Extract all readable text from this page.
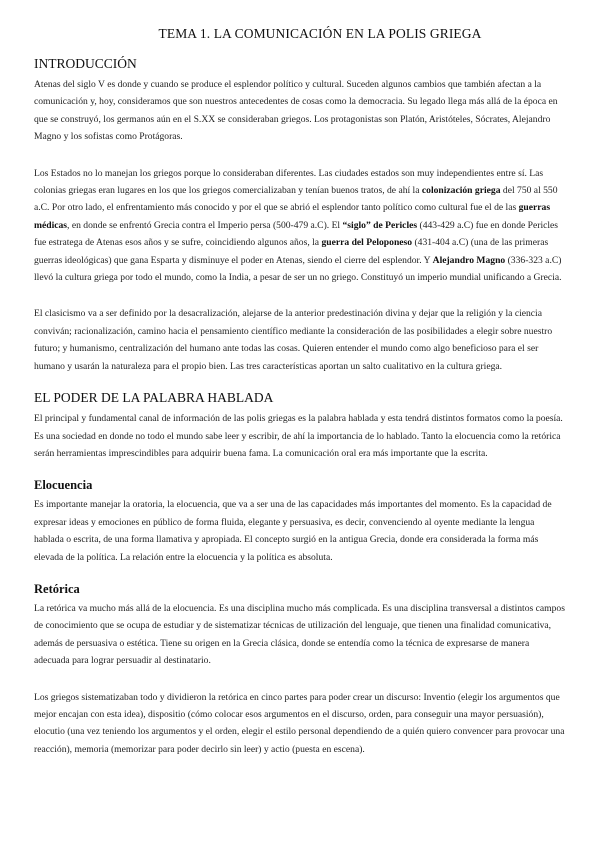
TEMA 1. LA COMUNICACIÓN EN LA POLIS GRIEGA
INTRODUCCIÓN

Atenas del siglo V es donde y cuando se produce el esplendor político y cultural. Suceden algunos cambios que también afectan a la comunicación y, hoy, consideramos que son nuestros antecedentes de cosas como la democracia. Su legado llega más allá de la época en que se construyó, los germanos aún en el S.XX se consideraban griegos. Los protagonistas son Platón, Aristóteles, Sócrates, Alejandro Magno y los sofistas como Protágoras.

Los Estados no lo manejan los griegos porque lo consideraban diferentes. Las ciudades estados son muy independientes entre sí. Las colonias griegas eran lugares en los que los griegos comercializaban y tenían buenos tratos, de ahí la colonización griega del 750 al 550 a.C. Por otro lado, el enfrentamiento más conocido y por el que se abrió el esplendor tanto político como cultural fue el de las guerras médicas, en donde se enfrentó Grecia contra el Imperio persa (500-479 a.C). El “siglo” de Pericles (443-429 a.C) fue en donde Pericles fue estratega de Atenas esos años y se sufre, coincidiendo algunos años, la guerra del Peloponeso (431-404 a.C) (una de las primeras guerras ideológicas) que gana Esparta y disminuye el poder en Atenas, siendo el cierre del esplendor. Y Alejandro Magno (336-323 a.C) llevó la cultura griega por todo el mundo, como la India, a pesar de ser un no griego. Constituyó un imperio mundial unificando a Grecia.

El clasicismo va a ser definido por la desacralización, alejarse de la anterior predestinación divina y dejar que la religión y la ciencia conviván; racionalización, camino hacia el pensamiento científico mediante la consideración de las posibilidades a elegir sobre nuestro futuro; y humanismo, centralización del humano ante todas las cosas. Quieren entender el mundo como algo beneficioso para el ser humano y usarán la naturaleza para el propio bien. Las tres características aportan un salto cualitativo en la cultura griega.

EL PODER DE LA PALABRA HABLADA

El principal y fundamental canal de información de las polis griegas es la palabra hablada y esta tendrá distintos formatos como la poesía. Es una sociedad en donde no todo el mundo sabe leer y escribir, de ahí la importancia de lo hablado. Tanto la elocuencia como la retórica serán herramientas imprescindibles para adquirir buena fama. La comunicación oral era más importante que la escrita.

Elocuencia

Es importante manejar la oratoria, la elocuencia, que va a ser una de las capacidades más importantes del momento. Es la capacidad de expresar ideas y emociones en público de forma fluida, elegante y persuasiva, es decir, convenciendo al oyente mediante la lengua hablada o escrita, de una forma llamativa y apropiada. El concepto surgió en la antigua Grecia, donde era considerada la forma más elevada de la política. La relación entre la elocuencia y la política es absoluta.

Retórica

La retórica va mucho más allá de la elocuencia. Es una disciplina mucho más complicada. Es una disciplina transversal a distintos campos de conocimiento que se ocupa de estudiar y de sistematizar técnicas de utilización del lenguaje, que tienen una finalidad comunicativa, además de persuasiva o estética. Tiene su origen en la Grecia clásica, donde se entendía como la técnica de expresarse de manera adecuada para lograr persuadir al destinatario.

Los griegos sistematizaban todo y dividieron la retórica en cinco partes para poder crear un discurso: Inventio (elegir los argumentos que mejor encajan con esta idea), dispositio (cómo colocar esos argumentos en el discurso, orden, para conseguir una mayor persuasión), elocutio (una vez teniendo los argumentos y el orden, elegir el estilo personal dependiendo de a quién quiero convencer para provocar una reacción), memoria (memorizar para poder decirlo sin leer) y actio (puesta en escena).
